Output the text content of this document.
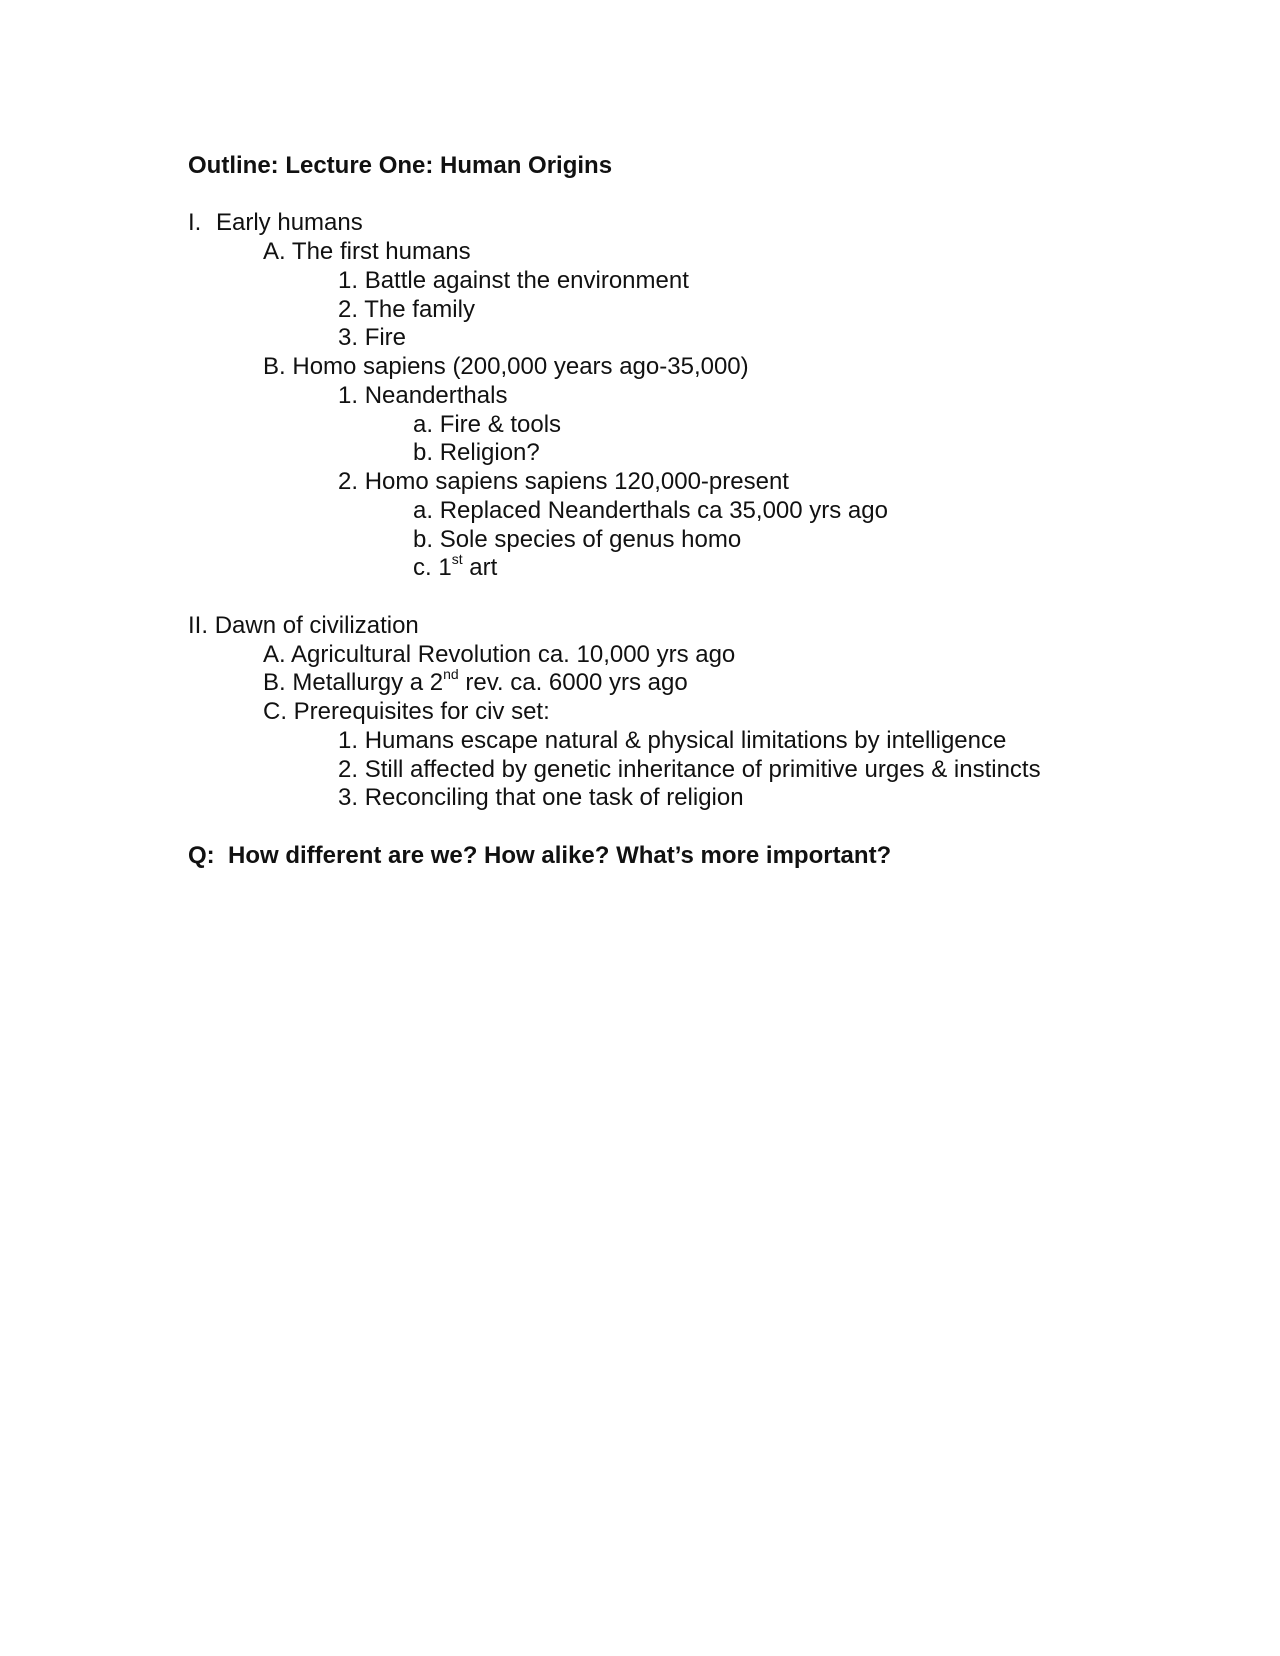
Outline: Lecture One: Human Origins
I. Early humans
A. The first humans
1. Battle against the environment
2. The family
3. Fire
B. Homo sapiens (200,000 years ago-35,000)
1. Neanderthals
a. Fire & tools
b. Religion?
2. Homo sapiens sapiens 120,000-present
a. Replaced Neanderthals ca 35,000 yrs ago
b. Sole species of genus homo
c. 1st art
II. Dawn of civilization
A. Agricultural Revolution ca. 10,000 yrs ago
B. Metallurgy a 2nd rev. ca. 6000 yrs ago
C. Prerequisites for civ set:
1. Humans escape natural & physical limitations by intelligence
2. Still affected by genetic inheritance of primitive urges & instincts
3. Reconciling that one task of religion
Q: How different are we? How alike? What’s more important?
